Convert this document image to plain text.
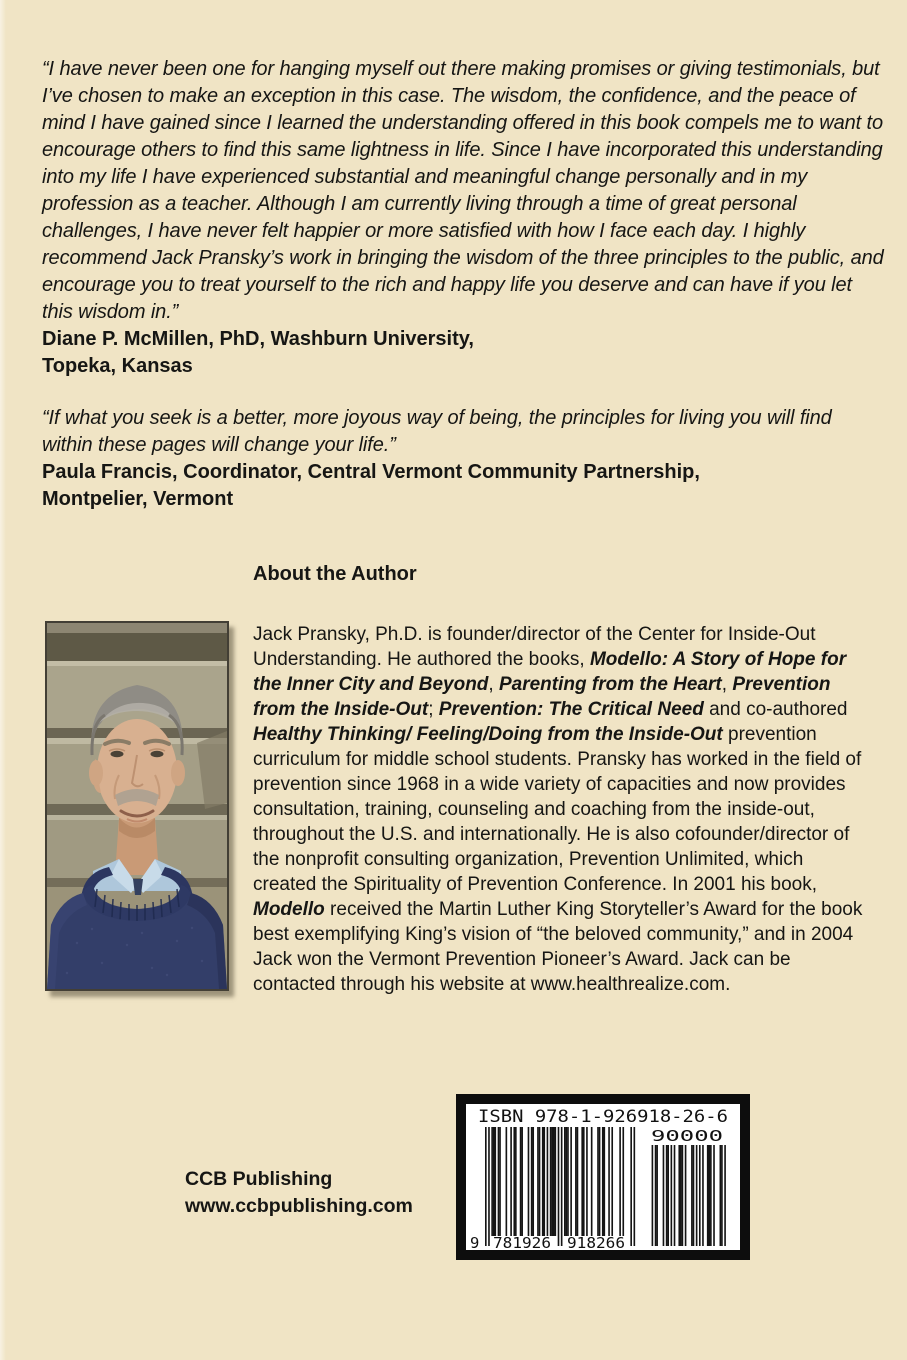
“I have never been one for hanging myself out there making promises or giving testimonials, but I’ve chosen to make an exception in this case. The wisdom, the confidence, and the peace of mind I have gained since I learned the understanding offered in this book compels me to want to encourage others to find this same lightness in life. Since I have incorporated this understanding into my life I have experienced substantial and meaningful change personally and in my profession as a teacher. Although I am currently living through a time of great personal challenges, I have never felt happier or more satisfied with how I face each day. I highly recommend Jack Pransky’s work in bringing the wisdom of the three principles to the public, and encourage you to treat yourself to the rich and happy life you deserve and can have if you let this wisdom in.”

Diane P. McMillen, PhD, Washburn University,

Topeka, Kansas

“If what you seek is a better, more joyous way of being, the principles for living you will find within these pages will change your life.”

Paula Francis, Coordinator, Central Vermont Community Partnership,

Montpelier, Vermont

About the Author
Jack Pransky, Ph.D. is founder/director of the Center for Inside-Out Understanding. He authored the books, Modello: A Story of Hope for the Inner City and Beyond, Parenting from the Heart, Prevention from the Inside-Out; Prevention: The Critical Need and co-authored Healthy Thinking/ Feeling/Doing from the Inside-Out prevention curriculum for middle school students. Pransky has worked in the field of prevention since 1968 in a wide variety of capacities and now provides consultation, training, counseling and coaching from the inside-out, throughout the U.S. and internationally. He is also cofounder/director of the nonprofit consulting organization, Prevention Unlimited, which created the Spirituality of Prevention Conference. In 2001 his book, Modello received the Martin Luther King Storyteller’s Award for the book best exemplifying King’s vision of “the beloved community,” and in 2004 Jack won the Vermont Prevention Pioneer’s Award. Jack can be contacted through his website at www.healthrealize.com.
CCB Publishing
www.ccbpublishing.com
ISBN 978-1-926918-26-6
9 781926 918266
90000
